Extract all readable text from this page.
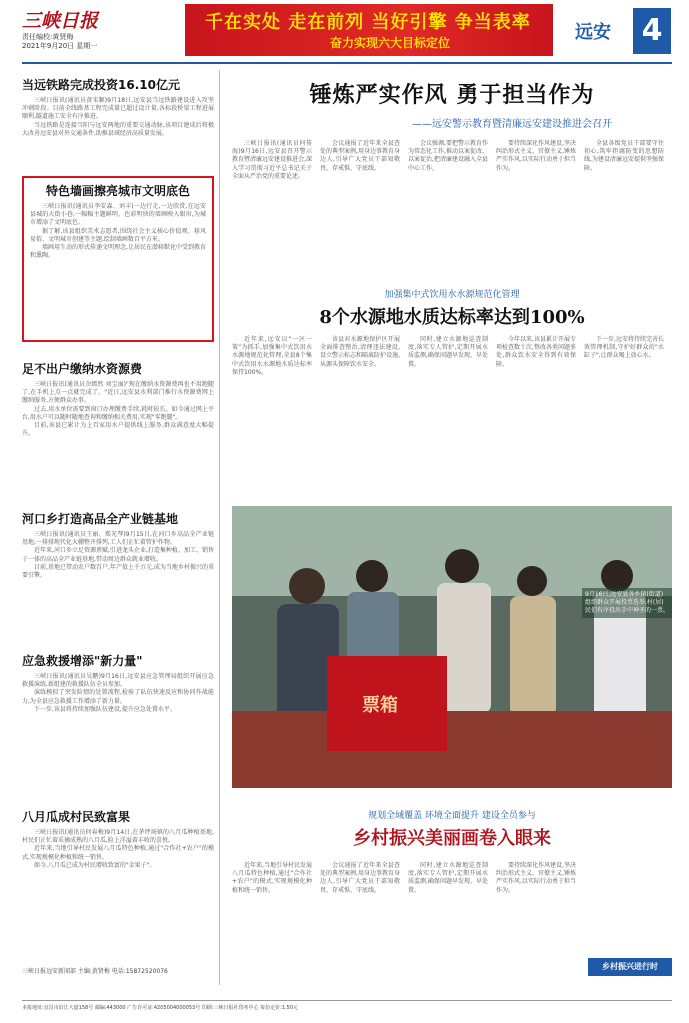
三峡日报
责任编校:黄贤梅
2021年9月20日 星期一
千在实处 走在前列 当好引擎 争当表率
奋力实现六大目标定位	远安 4
当远铁路完成投资16.10亿元

三峡日报讯(通讯员黄宋颖)9月18日,远安县当远铁路建设进入攻坚冲刺阶段。目前全线路基工程完成量已超过设计量,各标段桥梁工程进展顺利,隧道施工安全有序推进。

当远铁路是连接当阳与远安两地的重要交通动脉,该项目建成后将极大改善远安县对外交通条件,助推县域经济高质量发展。

特色墙画擦亮城市文明底色

三峡日报讯(通讯员李安森、刘丰)一边行走,一边欣赏,在远安县城的大街小巷,一幅幅主题鲜明、色彩明快的墙画映入眼帘,为城市增添了文明底色。

据了解,该县组织美术志愿者,围绕社会主义核心价值观、移风易俗、文明城市创建等主题,绘制墙画数百平方米。

墙画用生动的形式传递文明理念,让居民在潜移默化中受到教育和熏陶。

足不出户缴纳水资源费

三峡日报讯(通讯员余嫣然 刘宝丽)"现在缴纳水资源费再也不用跑腿了,在手机上点一点就完成了。"近日,远安县水利部门推行水资源费网上缴纳服务,方便群众办事。

过去,用水单位需要到窗口办理缴费手续,耗时较长。如今通过网上平台,用水户可以随时随地查询和缴纳相关费用,实现"零跑腿"。

目前,该县已累计为上百家用水户提供线上服务,群众满意度大幅提升。

河口乡打造高品全产业链基地

三峡日报讯(通讯员王丽、郑光琴)9月15日,在河口乡高品全产业链基地,一排排现代化大棚整齐排列,工人们正忙着管护作物。

近年来,河口乡立足资源禀赋,引进龙头企业,打造集种植、加工、销售于一体的高品全产业链基地,带动周边群众就业增收。

目前,基地已带动农户数百户,年产值上千万元,成为当地乡村振兴的重要引擎。

应急救援增添"新力量"

三峡日报讯(通讯员吴鹏)9月16日,远安县应急管理局组织开展应急救援演练,新组建的救援队伍全员参加。

演练模拟了突发险情的处置流程,检验了队伍快速反应和协同作战能力,为全县应急救援工作增添了新力量。

下一步,该县将持续加强队伍建设,提升应急处置水平。

八月瓜成村民致富果

三峡日报讯(通讯员何春梅)9月14日,在茅坪场镇的八月瓜种植基地,村民们正忙着采摘成熟的八月瓜,脸上洋溢着丰收的喜悦。

近年来,当地引导村民发展八月瓜特色种植,通过"合作社+农户"的模式,实现规模化种植和统一销售。

如今,八月瓜已成为村民增收致富的"金果子"。

三峡日报远安新闻部 主编:黄贤梅 电话:15872520076
锤炼严实作风 勇于担当作为
——远安警示教育暨清廉远安建设推进会召开

三峡日报讯(通讯员何传海)9月16日,远安县召开警示教育暨清廉远安建设推进会,深入学习贯彻习近平总书记关于全面从严治党的重要论述。

会议通报了近年来全县查处的典型案例,用身边事教育身边人,引导广大党员干部知敬畏、存戒惧、守底线。

会议强调,要把警示教育作为常态化工作,推动以案促改、以案促治,把清廉建设融入全县中心工作。

要持续深化作风建设,坚决纠治形式主义、官僚主义,锤炼严实作风,以实际行动勇于担当作为。

全县各级党员干部要守住初心,筑牢拒腐防变的思想防线,为建设清廉远安提供坚强保障。

加强集中式饮用水水源规范化管理
8个水源地水质达标率达到100%

近年来,远安以"一区一策"为抓手,加强集中式饮用水水源地规范化管理,全县8个集中式饮用水水源地水质达标率保持100%。

该县对水源地保护区开展全面排查整治,清理违法建设,设立警示标志和隔离防护设施,从源头保障饮水安全。

同时,建立水源地巡查制度,落实专人管护,定期开展水质监测,确保问题早发现、早处置。

今年以来,该县累计开展专项检查数十次,整改各类问题多处,群众饮水安全得到有效保障。

下一步,远安将持续完善长效管理机制,守护好群众的"水缸子",让群众喝上放心水。

票箱
9月16日,远安县各乡镇(街道)组织群众开展投票选举,村(居)民们有序投出手中神圣的一票。
规划全域覆盖 环境全面提升 建设全员参与
乡村振兴美丽画卷入眼来

近年来,当地引导村民发展八月瓜特色种植,通过"合作社+农户"的模式,实现规模化种植和统一销售。

会议通报了近年来全县查处的典型案例,用身边事教育身边人,引导广大党员干部知敬畏、存戒惧、守底线。

同时,建立水源地巡查制度,落实专人管护,定期开展水质监测,确保问题早发现、早处置。

要持续深化作风建设,坚决纠治形式主义、官僚主义,锤炼严实作风,以实际行动勇于担当作为。

乡村振兴进行时
本报地址:宜昌市沿江大道158号 邮编:443000 广告许可证:4205004000053号 印刷:三峡日报社印务中心 每份定价:1.50元
